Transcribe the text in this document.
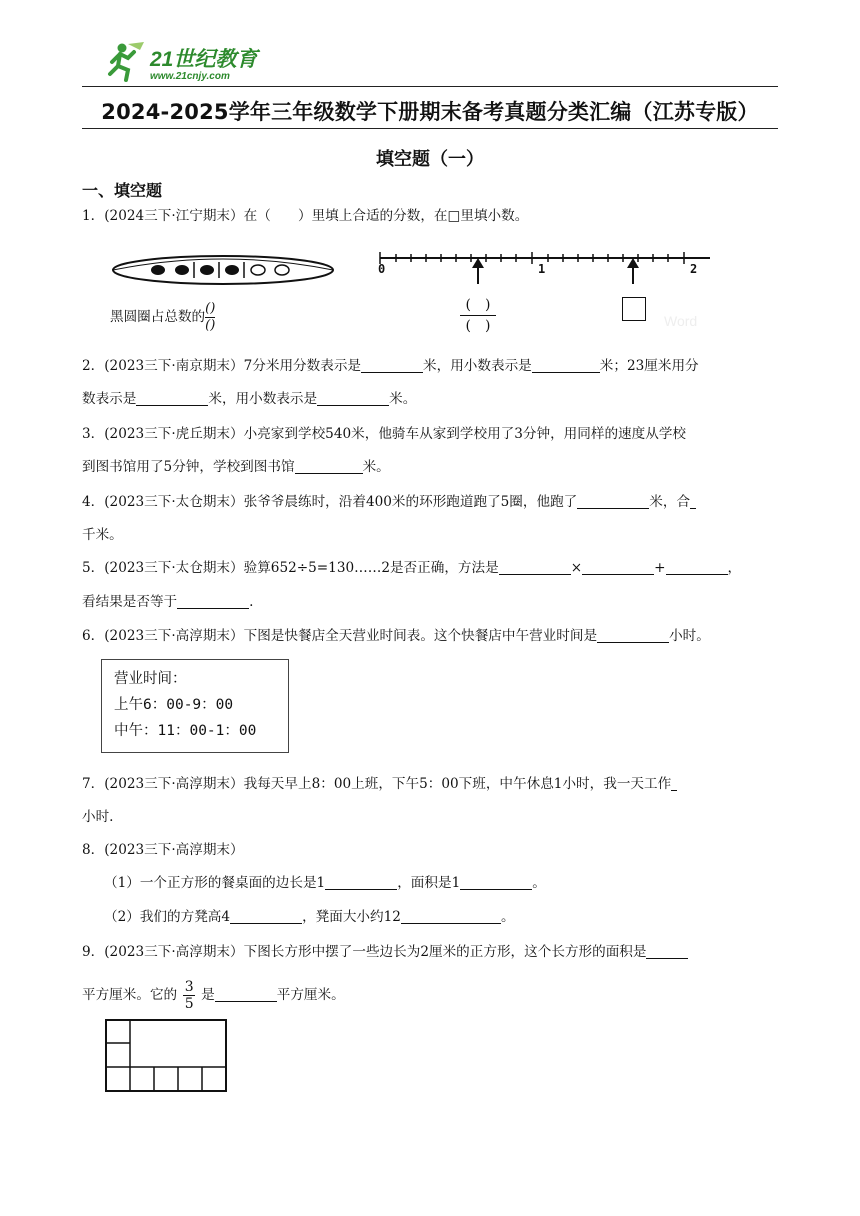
21世纪教育
www.21cnjy.com
2024-2025学年三年级数学下册期末备考真题分类汇编（江苏专版）
填空题（一）
一、填空题
1．(2024三下·江宁期末）在（　　）里填上合适的分数，在□里填小数。
黑圆圈占总数的 $\frac{()}{()}$
0	1	2
$\frac{( )}{( )}$	Word
2．(2023三下·南京期末）7分米用分数表示是	米，用小数表示是	米；23厘米用分
数表示是	米，用小数表示是	米。
3．(2023三下·虎丘期末）小亮家到学校540米，他骑车从家到学校用了3分钟，用同样的速度从学校
到图书馆用了5分钟，学校到图书馆	米。
4．(2023三下·太仓期末）张爷爷晨练时，沿着400米的环形跑道跑了5圈，他跑了	米，合
千米。
5．(2023三下·太仓期末）验算652÷5=130……2是否正确，方法是	×	+	，
看结果是否等于	.
6．(2023三下·高淳期末）下图是快餐店全天营业时间表。这个快餐店中午营业时间是	小时。
营业时间：
上午6：00-9：00
中午：11：00-1：00
7．(2023三下·高淳期末）我每天早上8：00上班，下午5：00下班，中午休息1小时，我一天工作
小时.
8．(2023三下·高淳期末）
（1）一个正方形的餐桌面的边长是1	，面积是1	。
（2）我们的方凳高4	，凳面大小约12	。
9．(2023三下·高淳期末）下图长方形中摆了一些边长为2厘米的正方形，这个长方形的面积是
平方厘米。它的 $\frac{3}{5}$ 是	平方厘米。
